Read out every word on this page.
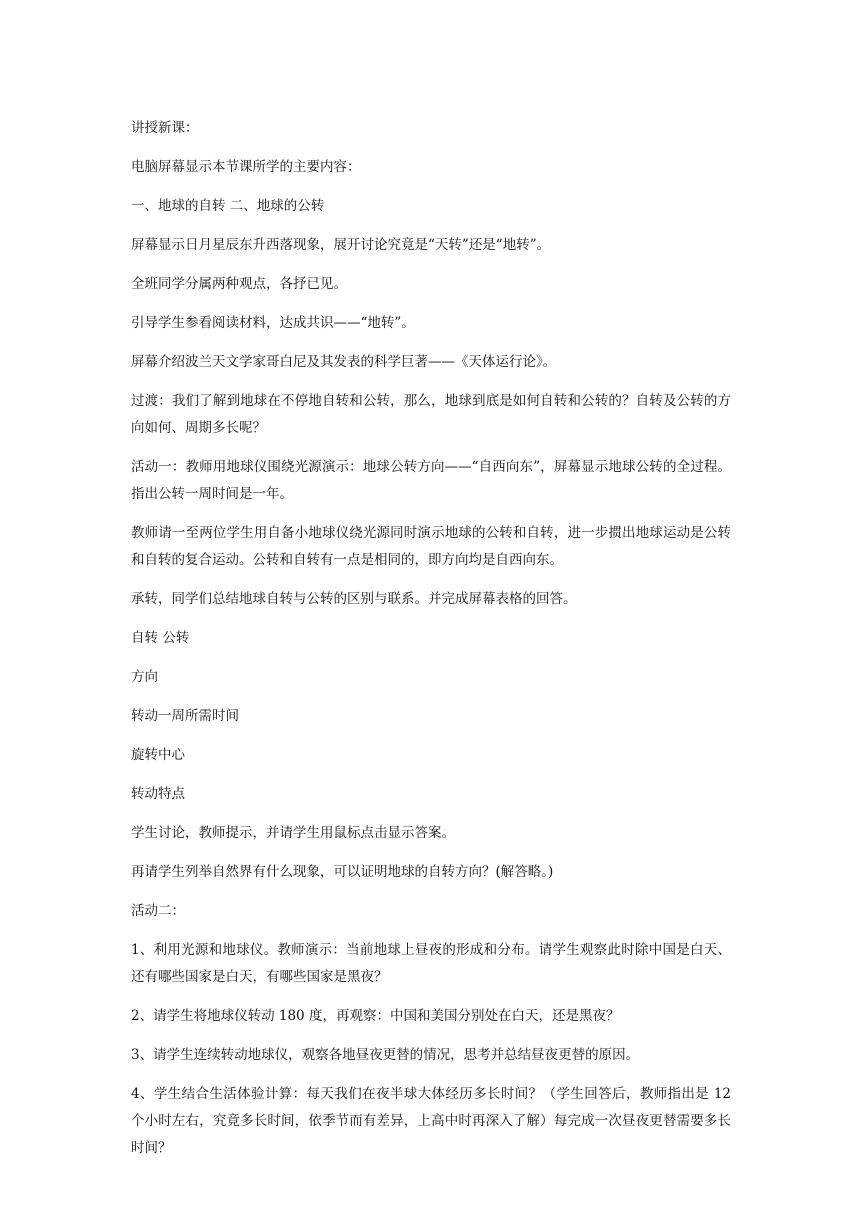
讲授新课：

电脑屏幕显示本节课所学的主要内容：

一、地球的自转 二、地球的公转

屏幕显示日月星辰东升西落现象，展开讨论究竟是“天转”还是“地转”。

全班同学分属两种观点，各抒已见。

引导学生参看阅读材料，达成共识——“地转”。

屏幕介绍波兰天文学家哥白尼及其发表的科学巨著——《天体运行论》。

过渡：我们了解到地球在不停地自转和公转，那么，地球到底是如何自转和公转的？自转及公转的方向如何、周期多长呢？

活动一：教师用地球仪围绕光源演示：地球公转方向——“自西向东”，屏幕显示地球公转的全过程。指出公转一周时间是一年。

教师请一至两位学生用自备小地球仪绕光源同时演示地球的公转和自转，进一步掼出地球运动是公转和自转的复合运动。公转和自转有一点是相同的，即方向均是自西向东。

承转，同学们总结地球自转与公转的区别与联系。并完成屏幕表格的回答。

自转 公转

方向

转动一周所需时间

旋转中心

转动特点

学生讨论，教师提示，并请学生用鼠标点击显示答案。

再请学生列举自然界有什么现象，可以证明地球的自转方向？(解答略。)

活动二：

1、利用光源和地球仪。教师演示：当前地球上昼夜的形成和分布。请学生观察此时除中国是白天、还有哪些国家是白天，有哪些国家是黑夜？

2、请学生将地球仪转动 180 度，再观察：中国和美国分别处在白天，还是黑夜？

3、请学生连续转动地球仪，观察各地昼夜更替的情况，思考并总结昼夜更替的原因。

4、学生结合生活体验计算：每天我们在夜半球大体经历多长时间？（学生回答后，教师指出是 12 个小时左右，究竟多长时间，依季节而有差异，上高中时再深入了解）每完成一次昼夜更替需要多长时间？
